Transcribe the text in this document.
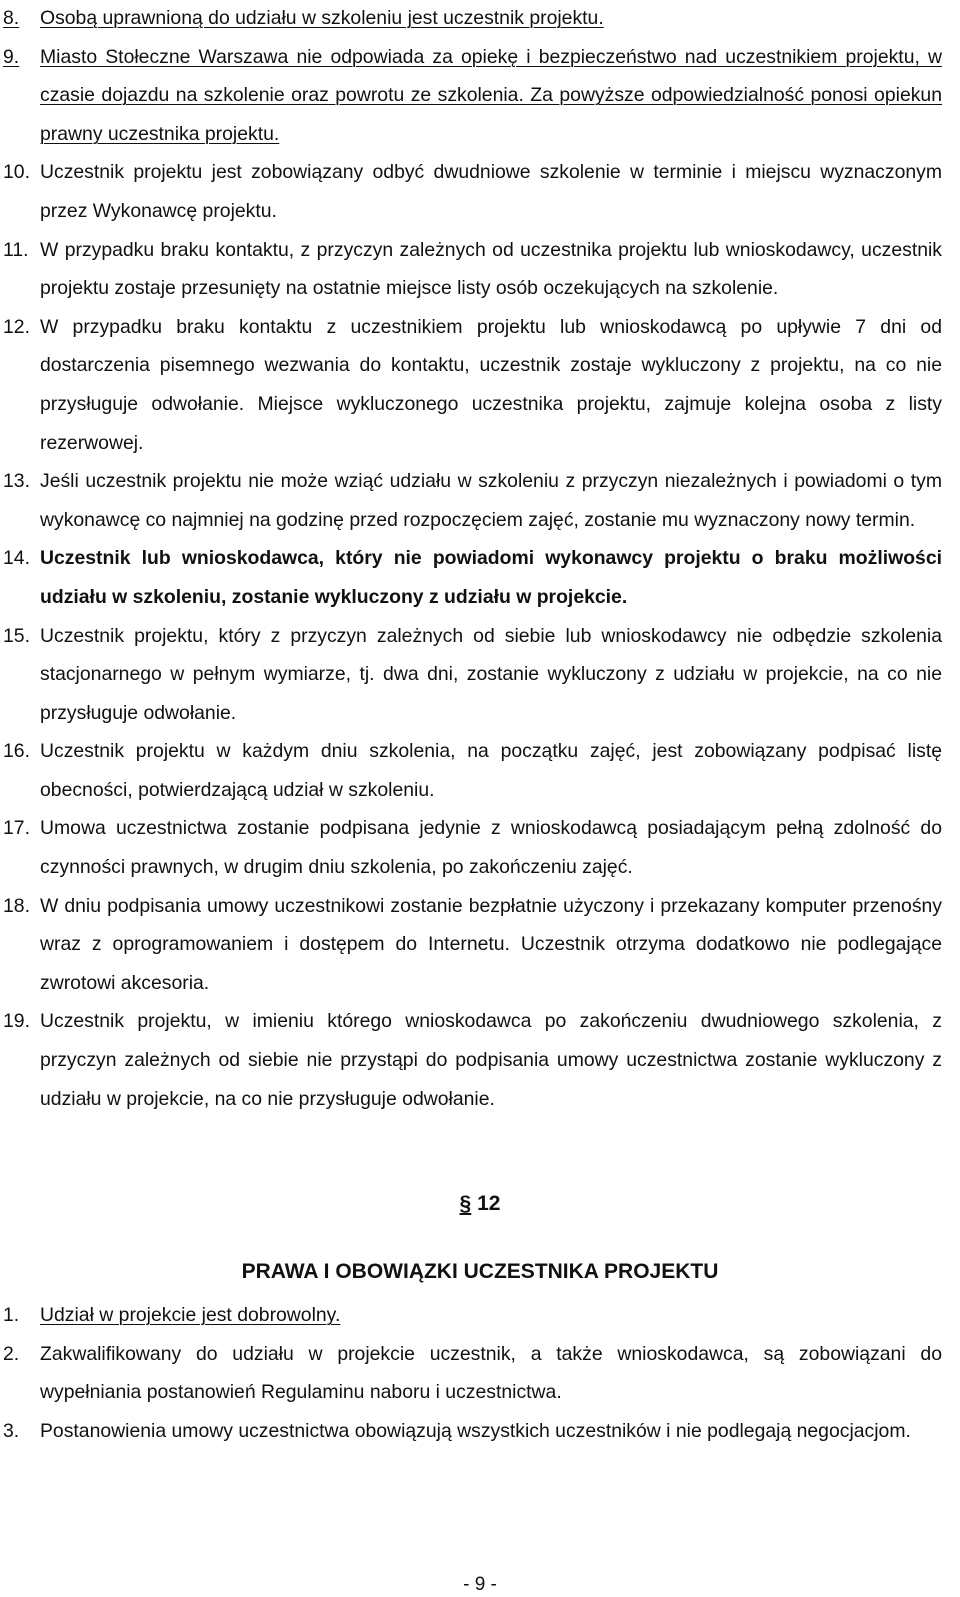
8.	Osobą uprawnioną do udziału w szkoleniu jest uczestnik projektu.
9.	Miasto Stołeczne Warszawa nie odpowiada za opiekę i bezpieczeństwo nad uczestnikiem projektu, w czasie dojazdu na szkolenie oraz powrotu ze szkolenia. Za powyższe odpowiedzialność ponosi opiekun prawny uczestnika projektu.
10. Uczestnik projektu jest zobowiązany odbyć dwudniowe szkolenie w terminie i miejscu wyznaczonym przez Wykonawcę projektu.
11. W przypadku braku kontaktu, z przyczyn zależnych od uczestnika projektu lub wnioskodawcy, uczestnik projektu zostaje przesunięty na ostatnie miejsce listy osób oczekujących na szkolenie.
12. W przypadku braku kontaktu z uczestnikiem projektu lub wnioskodawcą po upływie 7 dni od dostarczenia pisemnego wezwania do kontaktu, uczestnik zostaje wykluczony z projektu, na co nie przysługuje odwołanie. Miejsce wykluczonego uczestnika projektu, zajmuje kolejna osoba z listy rezerwowej.
13. Jeśli uczestnik projektu nie może wziąć udziału w szkoleniu z przyczyn niezależnych i powiadomi o tym wykonawcę co najmniej na godzinę przed rozpoczęciem zajęć, zostanie mu wyznaczony nowy termin.
14. Uczestnik lub wnioskodawca, który nie powiadomi wykonawcy projektu o braku możliwości udziału w szkoleniu, zostanie wykluczony z udziału w projekcie.
15. Uczestnik projektu, który z przyczyn zależnych od siebie lub wnioskodawcy nie odbędzie szkolenia stacjonarnego w pełnym wymiarze, tj. dwa dni, zostanie wykluczony z udziału w projekcie, na co nie przysługuje odwołanie.
16. Uczestnik projektu w każdym dniu szkolenia, na początku zajęć, jest zobowiązany podpisać listę obecności, potwierdzającą udział w szkoleniu.
17. Umowa uczestnictwa zostanie podpisana jedynie z wnioskodawcą posiadającym pełną zdolność do czynności prawnych, w drugim dniu szkolenia, po zakończeniu zajęć.
18. W dniu podpisania umowy uczestnikowi zostanie bezpłatnie użyczony i przekazany komputer przenośny wraz z oprogramowaniem i dostępem do Internetu. Uczestnik otrzyma dodatkowo nie podlegające zwrotowi akcesoria.
19. Uczestnik projektu, w imieniu którego wnioskodawca po zakończeniu dwudniowego szkolenia, z przyczyn zależnych od siebie nie przystąpi do podpisania umowy uczestnictwa zostanie wykluczony z udziału w projekcie, na co nie przysługuje odwołanie.
§ 12
PRAWA I OBOWIĄZKI UCZESTNIKA PROJEKTU
1.	Udział w projekcie jest dobrowolny.
2.	Zakwalifikowany do udziału w projekcie uczestnik, a także wnioskodawca, są zobowiązani do wypełniania postanowień Regulaminu naboru i uczestnictwa.
3.	Postanowienia umowy uczestnictwa obowiązują wszystkich uczestników i nie podlegają negocjacjom.
- 9 -
